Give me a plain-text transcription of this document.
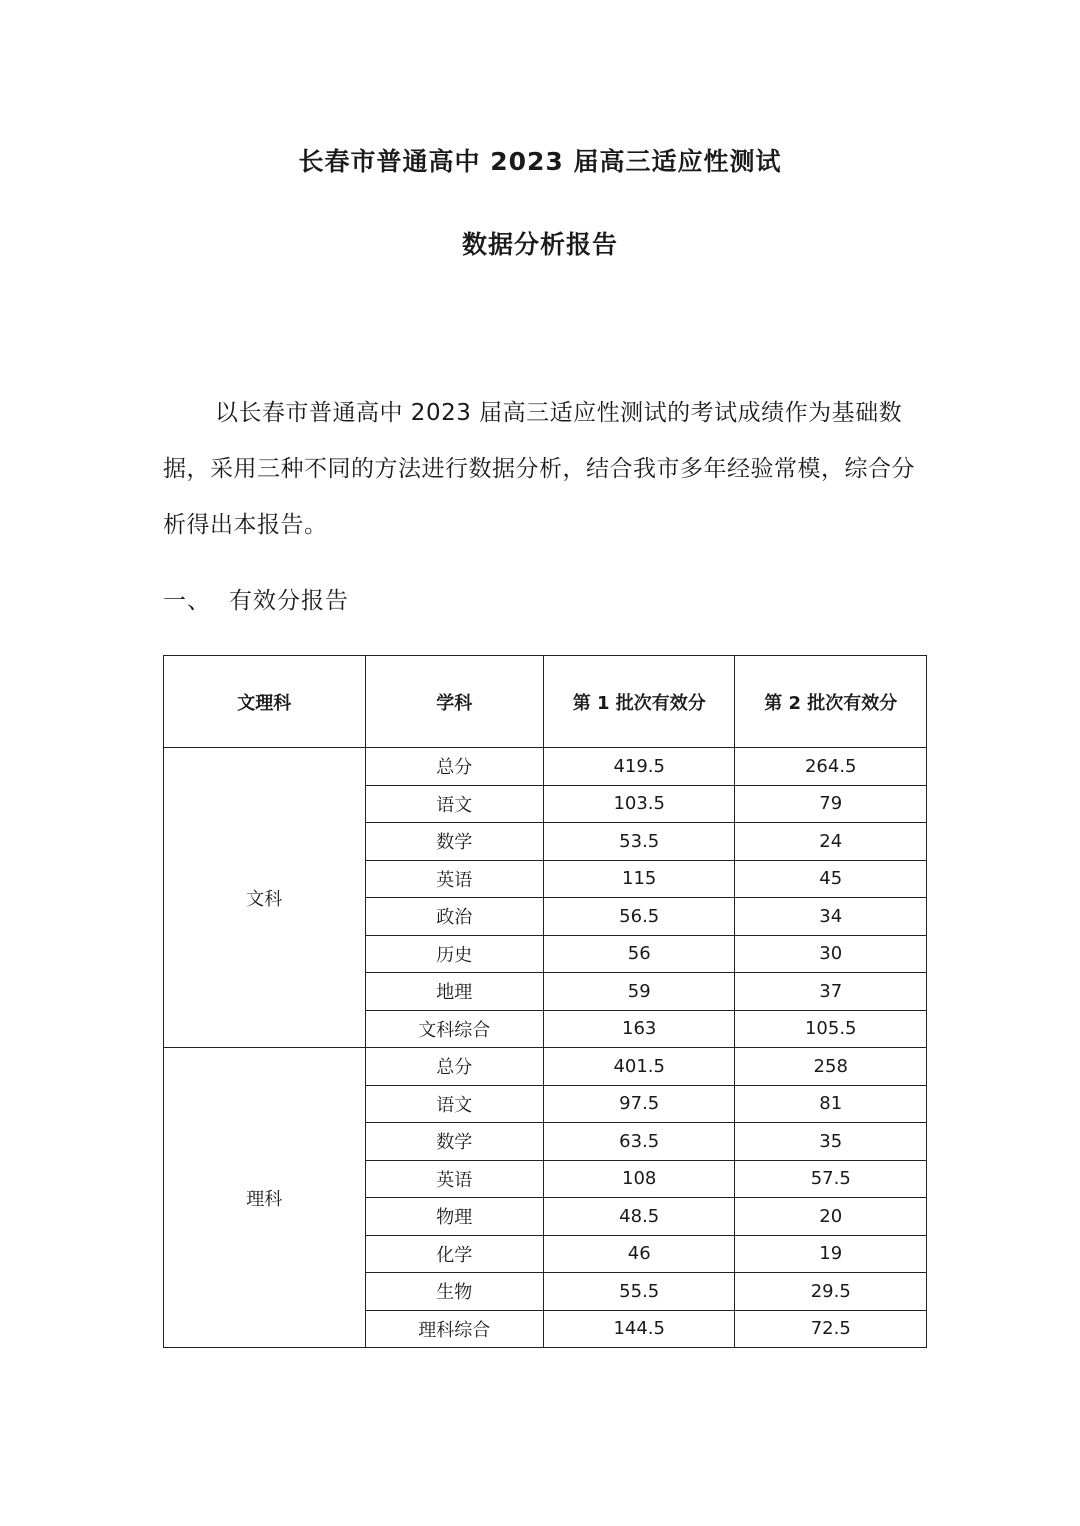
长春市普通高中 2023 届高三适应性测试
数据分析报告
以长春市普通高中 2023 届高三适应性测试的考试成绩作为基础数据，采用三种不同的方法进行数据分析，结合我市多年经验常模，综合分析得出本报告。
一、 有效分报告
文理科	学科	第 1 批次有效分	第 2 批次有效分
文科	总分	419.5	264.5
	语文	103.5	79
	数学	53.5	24
	英语	115	45
	政治	56.5	34
	历史	56	30
	地理	59	37
	文科综合	163	105.5
理科	总分	401.5	258
	语文	97.5	81
	数学	63.5	35
	英语	108	57.5
	物理	48.5	20
	化学	46	19
	生物	55.5	29.5
	理科综合	144.5	72.5
